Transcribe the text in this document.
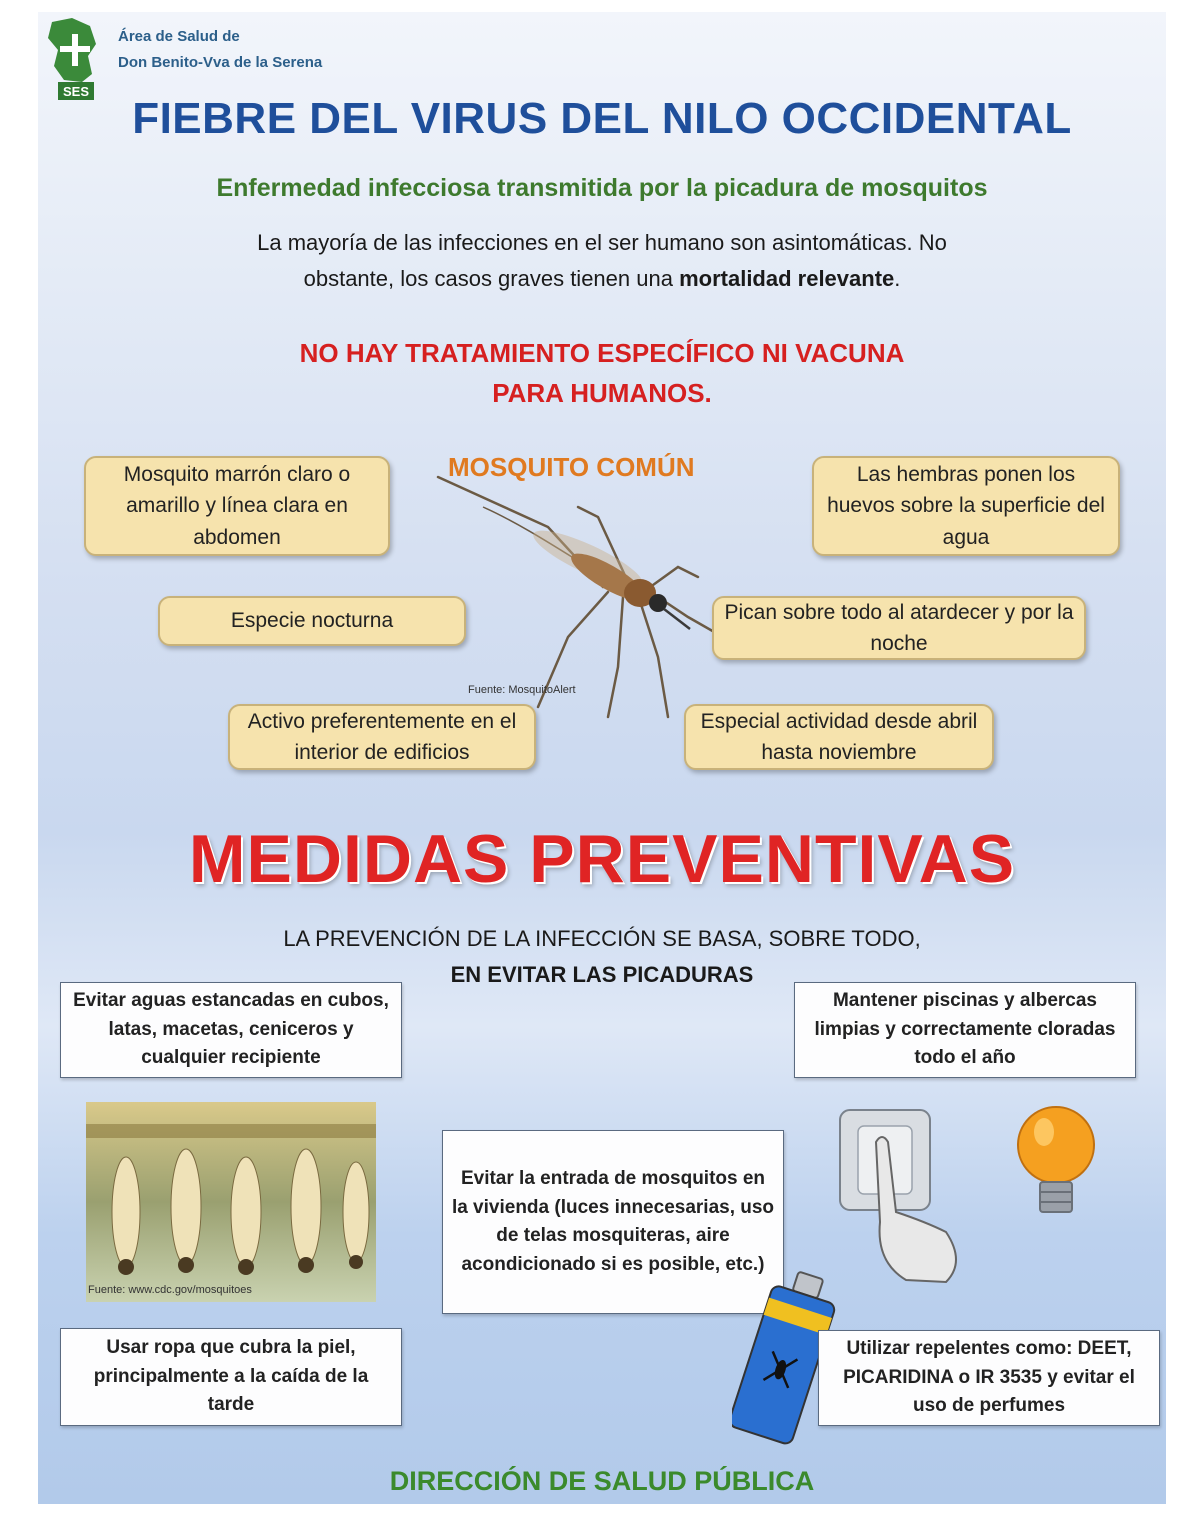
SES
Área de Salud de
Don Benito-Vva de la Serena
FIEBRE DEL VIRUS DEL NILO OCCIDENTAL
Enfermedad infecciosa transmitida por la picadura de mosquitos
La mayoría de las infecciones en el ser humano son asintomáticas. No
obstante, los casos graves tienen una mortalidad relevante.
NO HAY TRATAMIENTO ESPECÍFICO NI VACUNA
PARA HUMANOS.
MOSQUITO COMÚN
Fuente: MosquitoAlert
Mosquito marrón claro o amarillo y línea clara en abdomen
Las hembras ponen los huevos sobre la superficie del agua
Especie nocturna	Pican sobre todo al atardecer y por la noche
Activo preferentemente en el interior de edificios
Especial actividad desde abril hasta noviembre
MEDIDAS PREVENTIVAS
LA PREVENCIÓN DE LA INFECCIÓN SE BASA, SOBRE TODO,
EN EVITAR LAS PICADURAS
Evitar aguas estancadas en cubos, latas, macetas, ceniceros y cualquier recipiente
Mantener piscinas y albercas limpias y correctamente cloradas todo el año
Fuente: www.cdc.gov/mosquitoes
Evitar la entrada de mosquitos en la vivienda (luces innecesarias, uso de telas mosquiteras, aire acondicionado si es posible, etc.)
Usar ropa que cubra la piel, principalmente a la caída de la tarde
Utilizar repelentes como: DEET, PICARIDINA o IR 3535 y evitar el uso de perfumes
DIRECCIÓN DE SALUD PÚBLICA
